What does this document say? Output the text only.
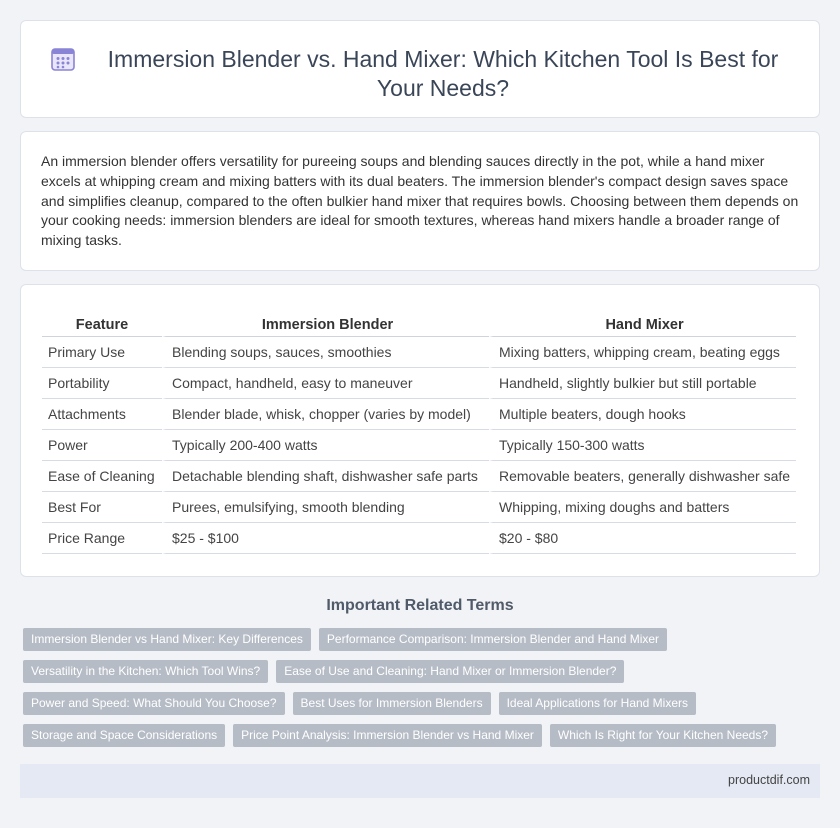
Immersion Blender vs. Hand Mixer: Which Kitchen Tool Is Best for Your Needs?

An immersion blender offers versatility for pureeing soups and blending sauces directly in the pot, while a hand mixer excels at whipping cream and mixing batters with its dual beaters. The immersion blender's compact design saves space and simplifies cleanup, compared to the often bulkier hand mixer that requires bowls. Choosing between them depends on your cooking needs: immersion blenders are ideal for smooth textures, whereas hand mixers handle a broader range of mixing tasks.

Feature	Immersion Blender	Hand Mixer
Primary Use	Blending soups, sauces, smoothies	Mixing batters, whipping cream, beating eggs
Portability	Compact, handheld, easy to maneuver	Handheld, slightly bulkier but still portable
Attachments	Blender blade, whisk, chopper (varies by model)	Multiple beaters, dough hooks
Power	Typically 200-400 watts	Typically 150-300 watts
Ease of Cleaning	Detachable blending shaft, dishwasher safe parts	Removable beaters, generally dishwasher safe
Best For	Purees, emulsifying, smooth blending	Whipping, mixing doughs and batters
Price Range	$25 - $100	$20 - $80
Important Related Terms
Immersion Blender vs Hand Mixer: Key Differences	Performance Comparison: Immersion Blender and Hand Mixer
Versatility in the Kitchen: Which Tool Wins?	Ease of Use and Cleaning: Hand Mixer or Immersion Blender?
Power and Speed: What Should You Choose?	Best Uses for Immersion Blenders	Ideal Applications for Hand Mixers
Storage and Space Considerations	Price Point Analysis: Immersion Blender vs Hand Mixer	Which Is Right for Your Kitchen Needs?
productdif.com
